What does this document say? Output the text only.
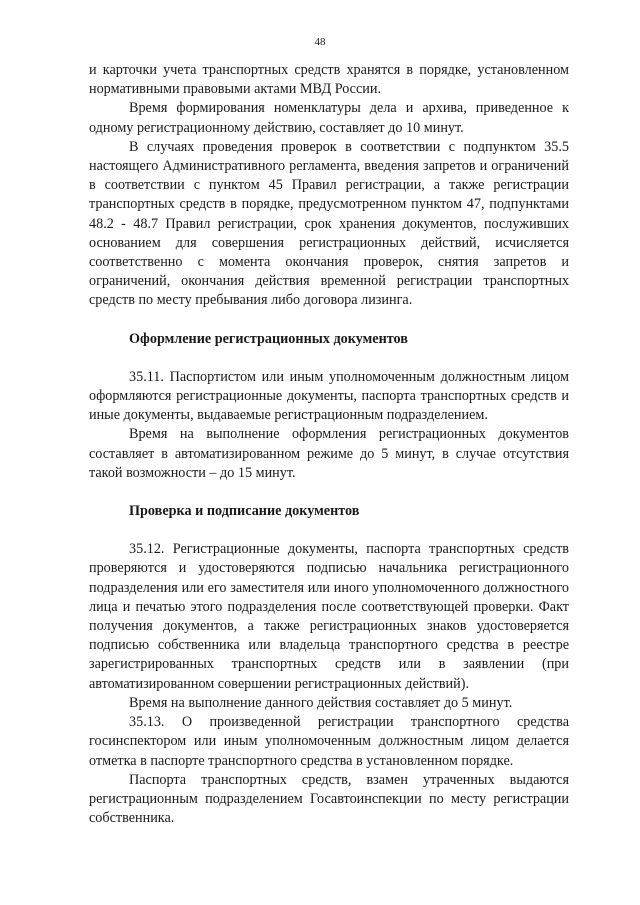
48

и карточки учета транспортных средств хранятся в порядке, установленном нормативными правовыми актами МВД России.

Время формирования номенклатуры дела и архива, приведенное к одному регистрационному действию, составляет до 10 минут.

В случаях проведения проверок в соответствии с подпунктом 35.5 настоящего Административного регламента, введения запретов и ограничений в соответствии с пунктом 45 Правил регистрации, а также регистрации транспортных средств в порядке, предусмотренном пунктом 47, подпунктами 48.2 - 48.7 Правил регистрации, срок хранения документов, послуживших основанием для совершения регистрационных действий, исчисляется соответственно с момента окончания проверок, снятия запретов и ограничений, окончания действия временной регистрации транспортных средств по месту пребывания либо договора лизинга.

Оформление регистрационных документов

35.11. Паспортистом или иным уполномоченным должностным лицом оформляются регистрационные документы, паспорта транспортных средств и иные документы, выдаваемые регистрационным подразделением.

Время на выполнение оформления регистрационных документов составляет в автоматизированном режиме до 5 минут, в случае отсутствия такой возможности – до 15 минут.

Проверка и подписание документов

35.12. Регистрационные документы, паспорта транспортных средств проверяются и удостоверяются подписью начальника регистрационного подразделения или его заместителя или иного уполномоченного должностного лица и печатью этого подразделения после соответствующей проверки. Факт получения документов, а также регистрационных знаков удостоверяется подписью собственника или владельца транспортного средства в реестре зарегистрированных транспортных средств или в заявлении (при автоматизированном совершении регистрационных действий).

Время на выполнение данного действия составляет до 5 минут.

35.13. О произведенной регистрации транспортного средства госинспектором или иным уполномоченным должностным лицом делается отметка в паспорте транспортного средства в установленном порядке.

Паспорта транспортных средств, взамен утраченных выдаются регистрационным подразделением Госавтоинспекции по месту регистрации собственника.
